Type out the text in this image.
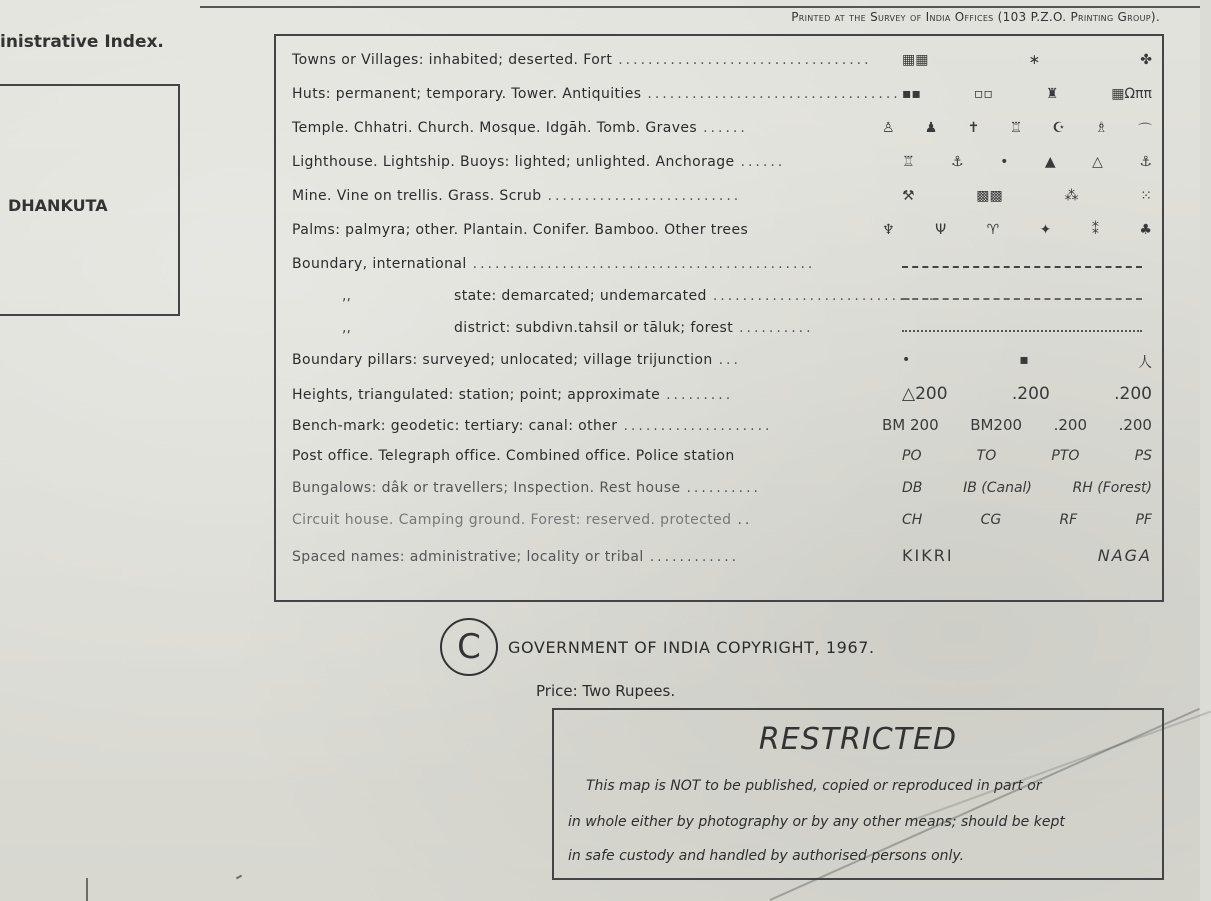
Printed at the Survey of India Offices (103 P.Z.O. Printing Group).
inistrative Index.
DHANKUTA
Towns or Villages: inhabited; deserted. Fort ..................................	▦▦	∗	✤
Huts: permanent; temporary. Tower. Antiquities .................................. ▪▪	▫▫	♜	▦Ωππ
Temple. Chhatri. Church. Mosque. Idgāh. Tomb. Graves ......	♙ ♟ ✝ ♖ ☪ ♗ ⌒
Lighthouse. Lightship. Buoys: lighted; unlighted. Anchorage ......	♖	⚓	•	▲	△	⚓
Mine. Vine on trellis. Grass. Scrub ..........................	⚒	▩▩	⁂	⁙
Palms: palmyra; other. Plantain. Conifer. Bamboo. Other trees	♆	Ψ	♈	✦	⁑	♣
Boundary, international ..............................................
,,	state: demarcated; undemarcated ..............................
,,	district: subdivn.tahsil or tāluk; forest ..........
Boundary pillars: surveyed; unlocated; village trijunction ...	•	▪	人
Heights, triangulated: station; point; approximate .........	△200	.200	.200
Bench-mark: geodetic: tertiary: canal: other ....................	BM 200 BM200 .200 .200
Post office. Telegraph office. Combined office. Police station	PO	TO	PTO	PS
Bungalows: dâk or travellers; Inspection. Rest house ..........	DB	IB (Canal)	RH (Forest)
Circuit house. Camping ground. Forest: reserved. protected ..	CH	CG	RF	PF
Spaced names: administrative; locality or tribal ............	KIKRI	NAGA
C	GOVERNMENT OF INDIA COPYRIGHT, 1967.
Price: Two Rupees.
RESTRICTED
This map is NOT to be published, copied or reproduced in part or
in whole either by photography or by any other means; should be kept
in safe custody and handled by authorised persons only.
